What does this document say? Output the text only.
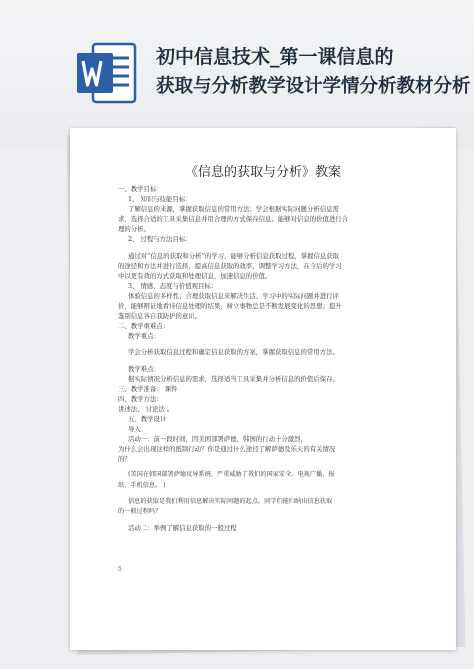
初中信息技术_第一课信息的
获取与分析教学设计学情分析教材分析
《信息的获取与分析》教案

一、教学目标：

1、 知识与技能目标：

了解信息的来源，掌握获取信息的常用方法；学会根据实际问题分析信息需

求，选择合适的工具采集信息并用合理的方式保存信息；能够对信息的价值进行合

理的分析。

2、 过程与方法目标：

通过对“信息的获取和分析”的学习，能够分析信息获取过程，掌握信息获取

的途径和方法并进行选择，提高信息获取的效率，调整学习方法，在今后的学习

中以更有效的方式获取和处理信息，加速信息的价值。

3、 情感、态度与价值观目标：

体验信息的多样性；合理获取信息来解决生活、学习中的实际问题并进行评

价，能够辩证地看待信息处理的结果，树立事物总是不断发展变化的思想；提升

鉴别信息各自我防护的意识。

二、教学重难点：

教学重点：

学会分析获取信息过程和确定信息获取的方案，掌握获取信息的常用方法。

教学难点：

据实际情况分析信息的需求，选择适当工具采集并分析信息的价值后保存。

三、教学准备： 课件

四、教学方法：

讲述法、 讨论法 。

五、教学设计

导入：

活动一：前一段时间，因美国部署萨德，韩国的行动十分激烈，

为什么会出现这样的抵制行动？你是通过什么途径了解萨德及乐天的有关情况

的？

(美国在韩国部署萨德反导系统，严重威胁了我们的国家安全。电视广播、报

纸、手机信息。 )

信息的获取是我们利用信息解决实际问题的起点，同学们能归纳出信息获取

的一般过程吗？

活动二：举例了解信息获取的一般过程

5
